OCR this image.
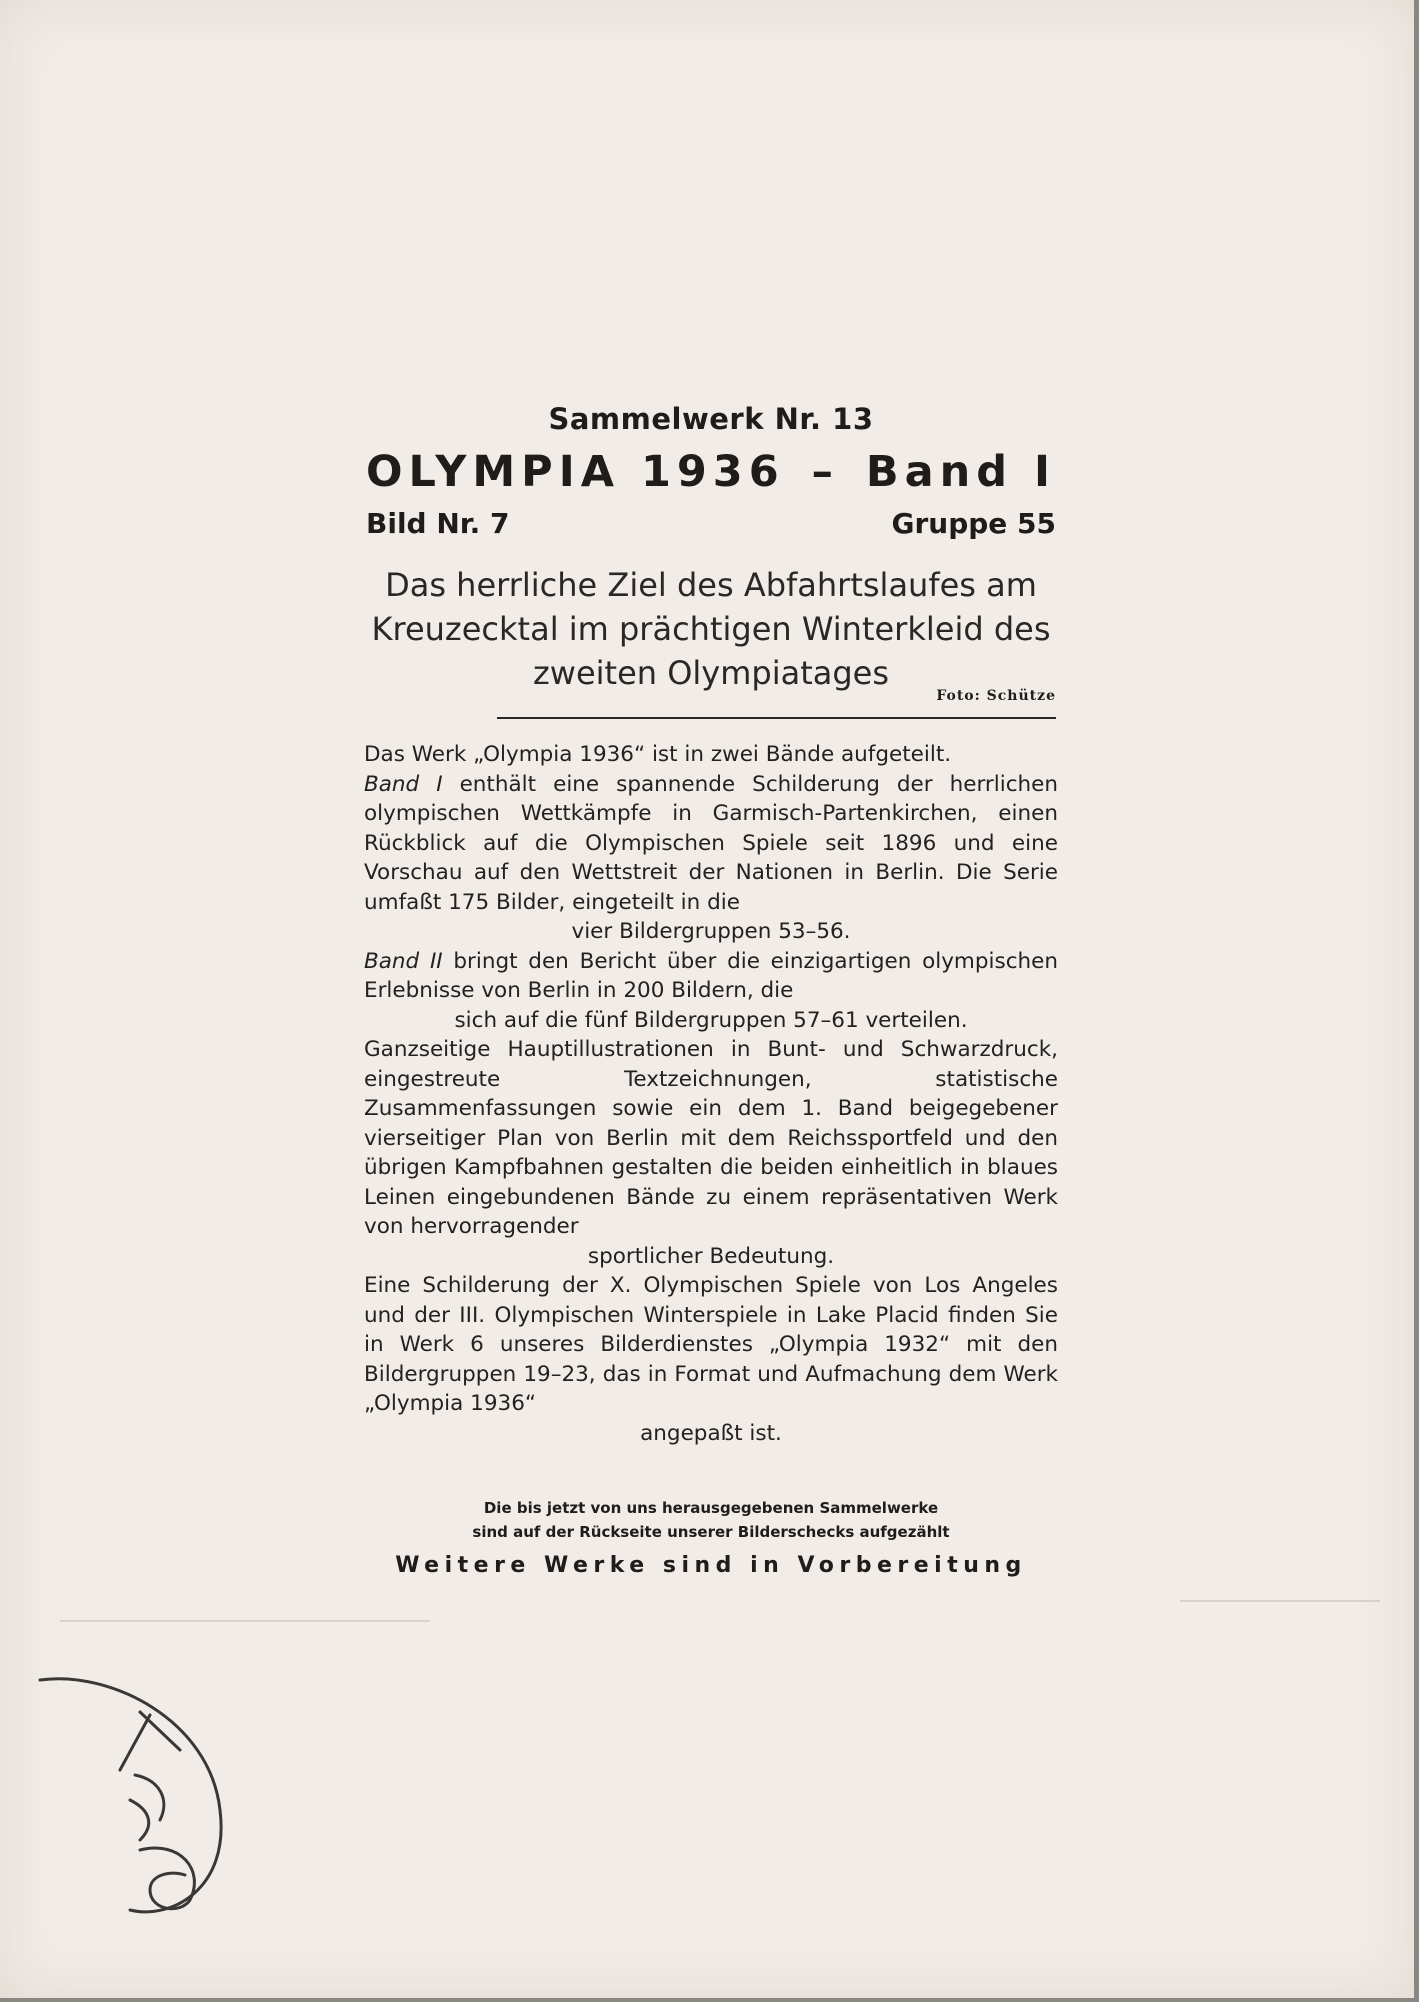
Sammelwerk Nr. 13
OLYMPIA 1936 – Band I
Bild Nr. 7	Gruppe 55
Das herrliche Ziel des Abfahrtslaufes am
Kreuzecktal im prächtigen Winterkleid des
zweiten Olympiatages
Foto: Schütze

Das Werk „Olympia 1936“ ist in zwei Bände aufgeteilt.

Band I enthält eine spannende Schilderung der herrlichen olympischen Wettkämpfe in Garmisch-Partenkirchen, einen Rückblick auf die Olympischen Spiele seit 1896 und eine Vorschau auf den Wettstreit der Nationen in Berlin. Die Serie umfaßt 175 Bilder, eingeteilt in die

vier Bildergruppen 53–56.

Band II bringt den Bericht über die einzigartigen olympischen Erlebnisse von Berlin in 200 Bildern, die

sich auf die fünf Bildergruppen 57–61 verteilen.

Ganzseitige Hauptillustrationen in Bunt- und Schwarzdruck, eingestreute Textzeichnungen, statistische Zusammenfassungen sowie ein dem 1. Band beigegebener vierseitiger Plan von Berlin mit dem Reichssportfeld und den übrigen Kampfbahnen gestalten die beiden einheitlich in blaues Leinen eingebundenen Bände zu einem repräsentativen Werk von hervorragender

sportlicher Bedeutung.

Eine Schilderung der X. Olympischen Spiele von Los Angeles und der III. Olympischen Winterspiele in Lake Placid finden Sie in Werk 6 unseres Bilderdienstes „Olympia 1932“ mit den Bildergruppen 19–23, das in Format und Aufmachung dem Werk „Olympia 1936“

angepaßt ist.

Die bis jetzt von uns herausgegebenen Sammelwerke
sind auf der Rückseite unserer Bilderschecks aufgezählt
Weitere Werke sind in Vorbereitung
